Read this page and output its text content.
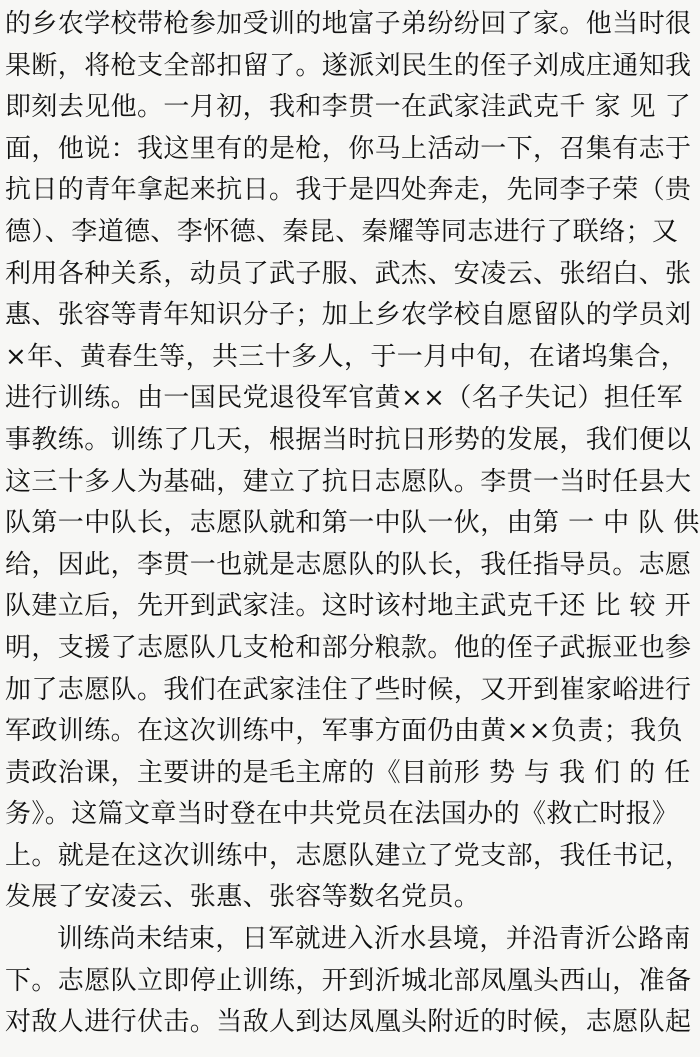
的乡农学校带枪参加受训的地富子弟纷纷回了家。他当时很
果断，将枪支全部扣留了。遂派刘民生的侄子刘成庄通知我
即刻去见他。一月初，我和李贯一在武家洼武克千 家 见 了
面，他说：我这里有的是枪，你马上活动一下，召集有志于
抗日的青年拿起来抗日。我于是四处奔走，先同李子荣（贵
德）、李道德、李怀德、秦昆、秦耀等同志进行了联络；又
利用各种关系，动员了武子服、武杰、安凌云、张绍白、张
惠、张容等青年知识分子；加上乡农学校自愿留队的学员刘
×年、黄春生等，共三十多人，于一月中旬，在诸坞集合，
进行训练。由一国民党退役军官黄××（名子失记）担任军
事教练。训练了几天，根据当时抗日形势的发展，我们便以
这三十多人为基础，建立了抗日志愿队。李贯一当时任县大
队第一中队长，志愿队就和第一中队一伙，由第 一 中 队 供
给，因此，李贯一也就是志愿队的队长，我任指导员。志愿
队建立后，先开到武家洼。这时该村地主武克千还 比 较 开
明，支援了志愿队几支枪和部分粮款。他的侄子武振亚也参
加了志愿队。我们在武家洼住了些时候，又开到崔家峪进行
军政训练。在这次训练中，军事方面仍由黄××负责；我负
责政治课，主要讲的是毛主席的《目前形 势 与 我 们 的 任
务》。这篇文章当时登在中共党员在法国办的《救亡时报》
上。就是在这次训练中，志愿队建立了党支部，我任书记，
发展了安凌云、张惠、张容等数名党员。
训练尚未结束，日军就进入沂水县境，并沿青沂公路南
下。志愿队立即停止训练，开到沂城北部凤凰头西山，准备
对敌人进行伏击。当敌人到达凤凰头附近的时候，志愿队起
